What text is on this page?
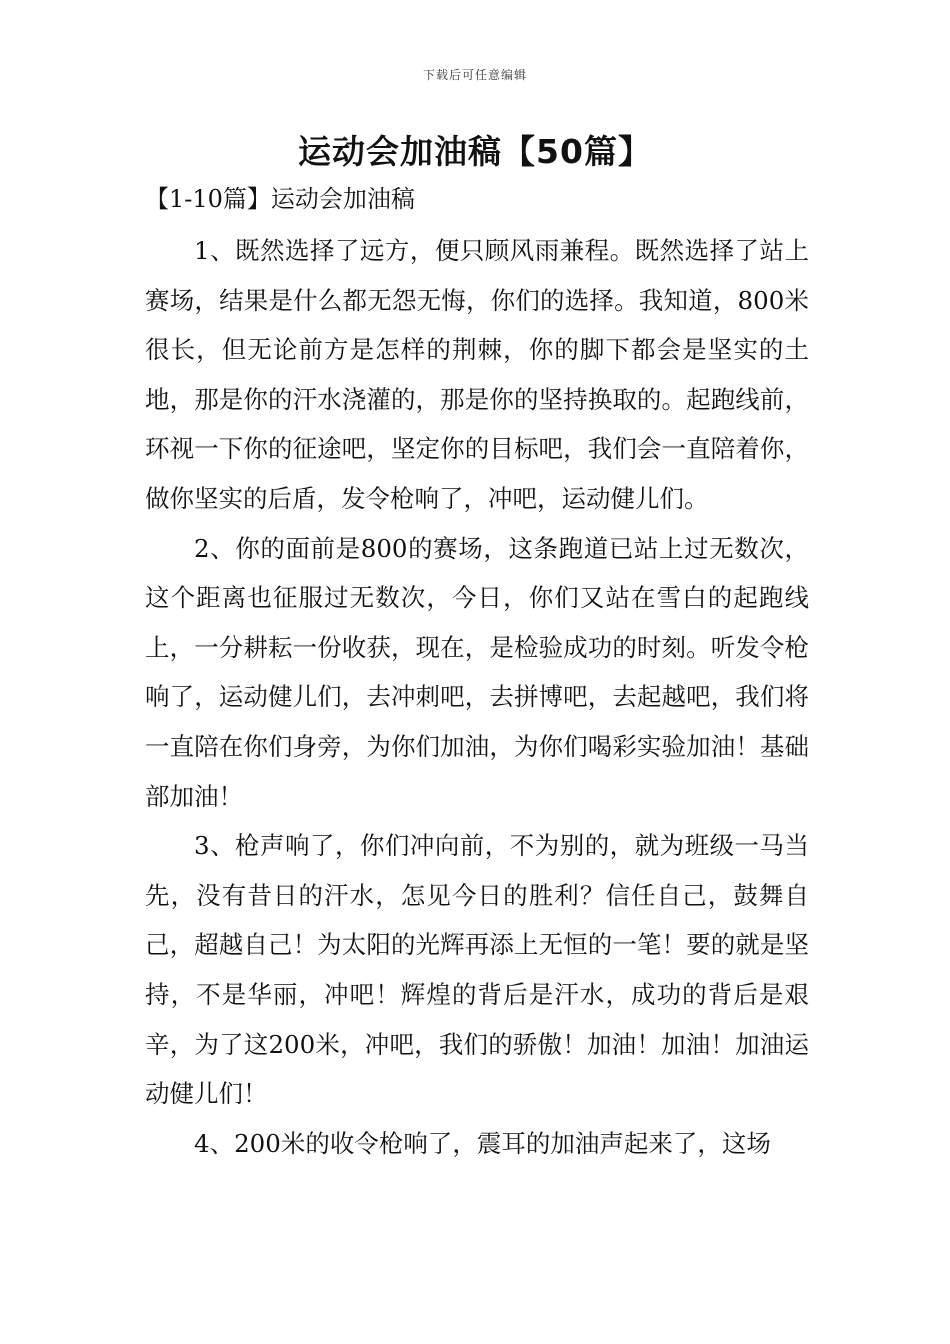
下载后可任意编辑
运动会加油稿【50篇】
【1-10篇】运动会加油稿

1、既然选择了远方，便只顾风雨兼程。既然选择了站上赛场，结果是什么都无怨无悔，你们的选择。我知道，800米很长，但无论前方是怎样的荆棘，你的脚下都会是坚实的土地，那是你的汗水浇灌的，那是你的坚持换取的。起跑线前，环视一下你的征途吧，坚定你的目标吧，我们会一直陪着你，做你坚实的后盾，发令枪响了，冲吧，运动健儿们。

2、你的面前是800的赛场，这条跑道已站上过无数次，这个距离也征服过无数次，今日，你们又站在雪白的起跑线上，一分耕耘一份收获，现在，是检验成功的时刻。听发令枪响了，运动健儿们，去冲刺吧，去拼博吧，去起越吧，我们将一直陪在你们身旁，为你们加油，为你们喝彩实验加油！基础部加油！

3、枪声响了，你们冲向前，不为别的，就为班级一马当先，没有昔日的汗水，怎见今日的胜利？信任自己，鼓舞自己，超越自己！为太阳的光辉再添上无恒的一笔！要的就是坚持，不是华丽，冲吧！辉煌的背后是汗水，成功的背后是艰辛，为了这200米，冲吧，我们的骄傲！加油！加油！加油运动健儿们！

4、200米的收令枪响了，震耳的加油声起来了，这场
